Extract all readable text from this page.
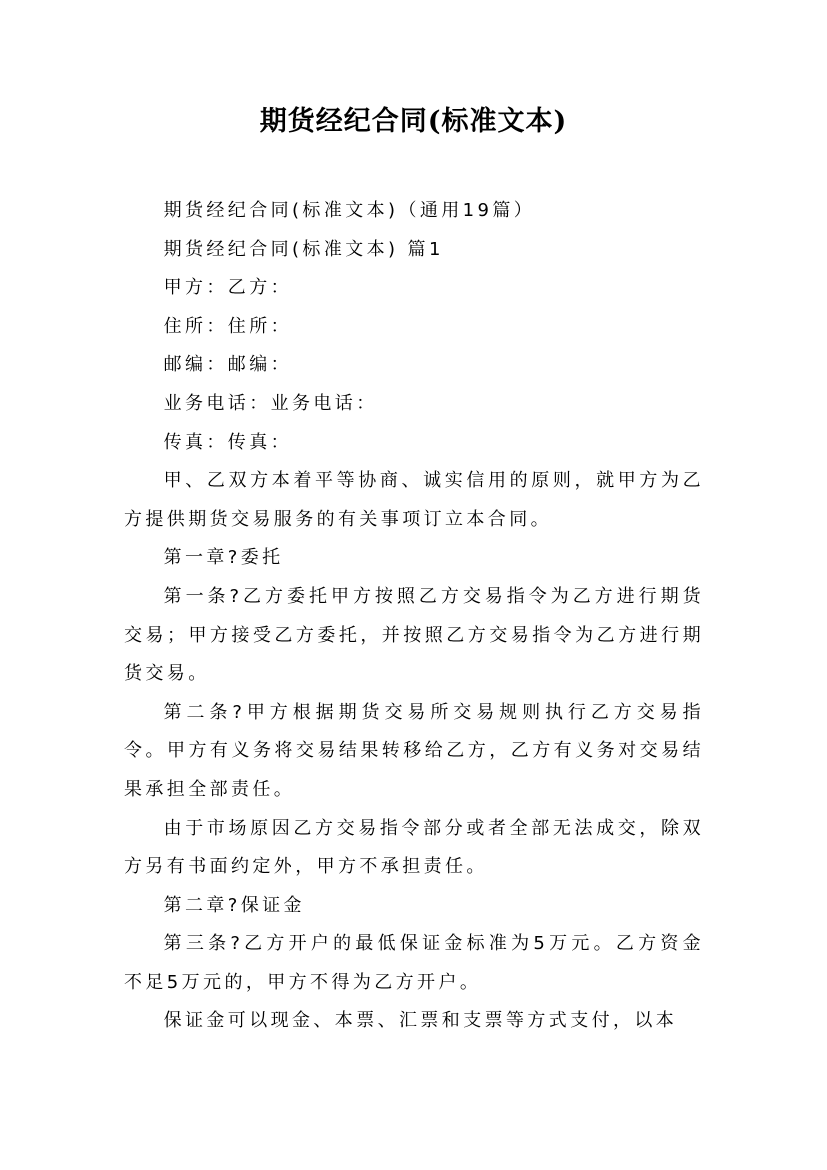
期货经纪合同(标准文本)

期货经纪合同(标准文本)（通用19篇）

期货经纪合同(标准文本) 篇1

甲方：乙方：

住所：住所：

邮编：邮编：

业务电话：业务电话：

传真：传真：

甲、乙双方本着平等协商、诚实信用的原则，就甲方为乙方提供期货交易服务的有关事项订立本合同。

第一章?委托

第一条?乙方委托甲方按照乙方交易指令为乙方进行期货交易；甲方接受乙方委托，并按照乙方交易指令为乙方进行期货交易。

第二条?甲方根据期货交易所交易规则执行乙方交易指令。甲方有义务将交易结果转移给乙方，乙方有义务对交易结果承担全部责任。

由于市场原因乙方交易指令部分或者全部无法成交，除双方另有书面约定外，甲方不承担责任。

第二章?保证金

第三条?乙方开户的最低保证金标准为5万元。乙方资金不足5万元的，甲方不得为乙方开户。

保证金可以现金、本票、汇票和支票等方式支付，以本
